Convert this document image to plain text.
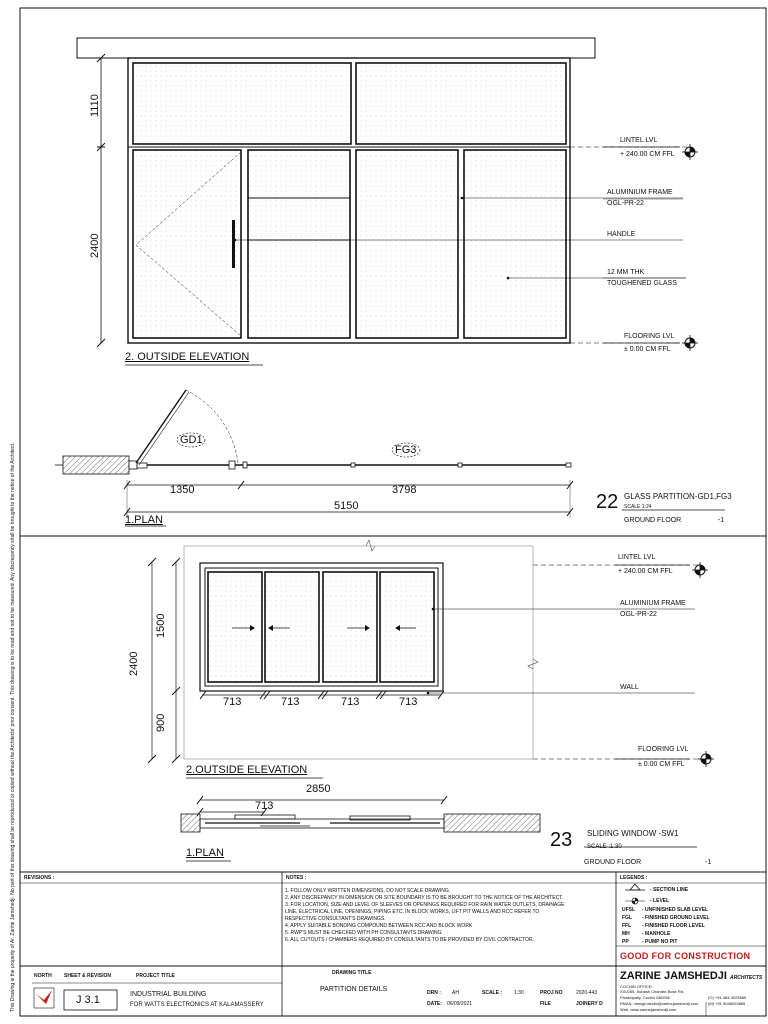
This Drawing is the property of Ar. Zarine Jamshedji. No part of this drawing shall be reproduced or copied without the Architects' prior consent. This drawing is to be read and not to be measured. Any discrepancy shall be brought to the notice of the Architect.
1110
2400
1350	3798
5150
2. OUTSIDE ELEVATION
1.PLAN
GD1
FG3
LINTEL LVL
+ 240.00 CM FFL
ALUMINIUM FRAME
OGL-PR-22
HANDLE
12 MM THK
TOUGHENED GLASS
FLOORING LVL
± 0.00 CM FFL
22 GLASS PARTITION-GD1,FG3
SCALE 1:24
GROUND FLOOR	-1
2400
1500
900
713	713	713	713
2850
713
2.OUTSIDE ELEVATION
1.PLAN
LINTEL LVL
+ 240.00 CM FFL
ALUMINIUM FRAME
OGL-PR-22
WALL
FLOORING LVL
± 0.00 CM FFL
23 SLIDING WINDOW -SW1
SCALE :1:30
GROUND FLOOR	-1
REVISIONS :	NOTES :	LEGENDS :
1. FOLLOW ONLY WRITTEN DIMENSIONS, DO NOT SCALE DRAWING.
2. ANY DISCREPANCY IN DIMENSION OR SITE BOUNDARY IS TO BE BROUGHT TO THE NOTICE OF THE ARCHITECT.
3. FOR LOCATION, SIZE AND LEVEL OF SLEEVES OR OPENINGS REQUIRED FOR RAIN WATER OUTLETS, DRAINAGE
LINE, ELECTRICAL LINE, OPENINGS, PIPING ETC. IN BLOCK WORKS, LIFT PIT WALLS AND RCC REFER TO
RESPECTIVE CONSULTANT'S DRAWINGS.
4. APPLY SUITABLE BONDING COMPOUND BETWEEN RCC AND BLOCK WORK
5. RWP'S MUST BE CHECKED WITH PH CONSULTANTS DRAWING
6. ALL CUTOUTS / CHAMBERS REQUIRED BY CONSULTANTS TO BE PROVIDED BY CIVIL CONTRACTOR.
- SECTION LINE
- LEVEL
UFSL - UNFINISHED SLAB LEVEL
FGL - FINISHED GROUND LEVEL
FFL - FINISHED FLOOR LEVEL
MH - MANHOLE
PP	- PUMP NO PIT
GOOD FOR CONSTRUCTION
NORTH SHEET & REVISION
J 3.1
PROJECT TITLE
INDUSTRIAL BUILDING
FOR WATTS ELECTRONICS AT KALAMASSERY
DRAWING TITLE
PARTITION DETAILS	DRN : AH	SCALE : 1:30	PROJ NO	2020-443
DATE: 06/09/2021	FILE	JOINERY D
ZARINE JAMSHEDJI ARCHITECTS
COCHIN OFFICE:
XXI/285, Subash Chandra Bose Rd,
Panampally, Cochin 682036
EMAIL: design.studio@zarinejamshedji.com
Web: www.zarinejamshedji.com
(O) +91 484 4023865
(M) +91 9048023865
